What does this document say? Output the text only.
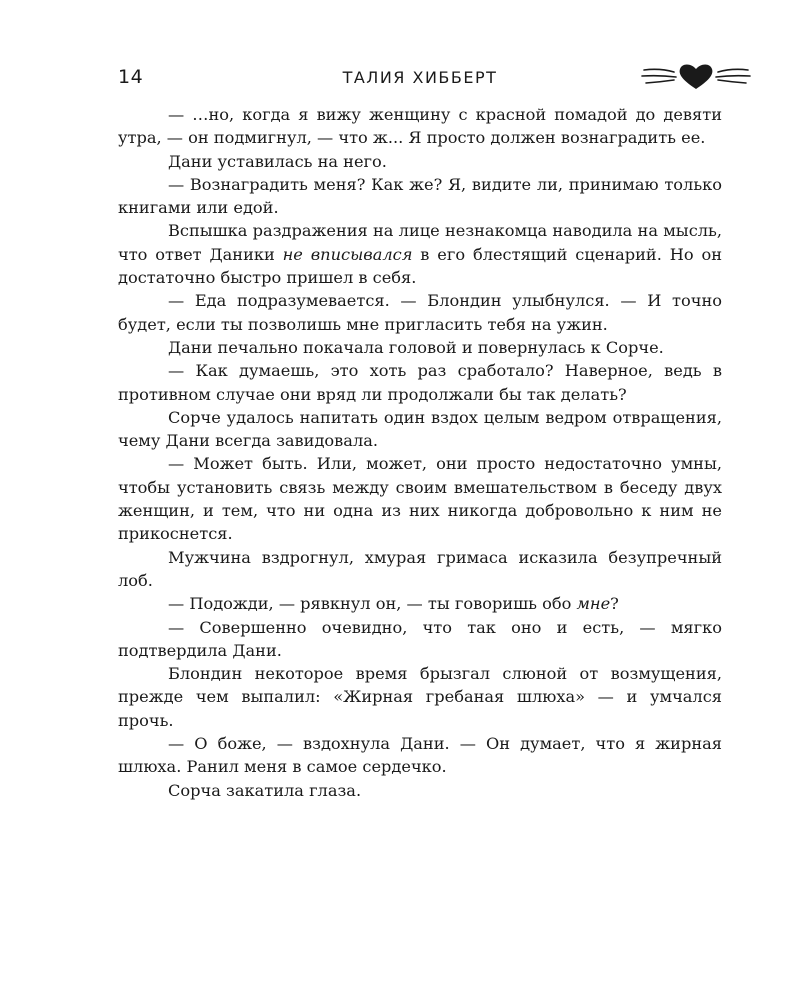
14	ТАЛИЯ ХИББЕРТ

— …но, когда я вижу женщину с красной помадой до девяти утра, — он подмигнул, — что ж... Я просто должен вознаградить ее.

Дани уставилась на него.

— Вознаградить меня? Как же? Я, видите ли, принимаю только книгами или едой.

Вспышка раздражения на лице незнакомца наводила на мысль, что ответ Даники не вписывался в его блестящий сценарий. Но он достаточно быстро пришел в себя.

— Еда подразумевается. — Блондин улыбнулся. — И точно будет, если ты позволишь мне пригласить тебя на ужин.

Дани печально покачала головой и повернулась к Сорче.

— Как думаешь, это хоть раз сработало? Наверное, ведь в противном случае они вряд ли продолжали бы так делать?

Сорче удалось напитать один вздох целым ведром отвращения, чему Дани всегда завидовала.

— Может быть. Или, может, они просто недостаточно умны, чтобы установить связь между своим вмешательством в беседу двух женщин, и тем, что ни одна из них никогда добровольно к ним не прикоснется.

Мужчина вздрогнул, хмурая гримаса исказила безупречный лоб.

— Подожди, — рявкнул он, — ты говоришь обо мне?

— Совершенно очевидно, что так оно и есть, — мягко подтвердила Дани.

Блондин некоторое время брызгал слюной от возмущения, прежде чем выпалил: «Жирная гребаная шлюха» — и умчался прочь.

— О боже, — вздохнула Дани. — Он думает, что я жирная шлюха. Ранил меня в самое сердечко.

Сорча закатила глаза.
